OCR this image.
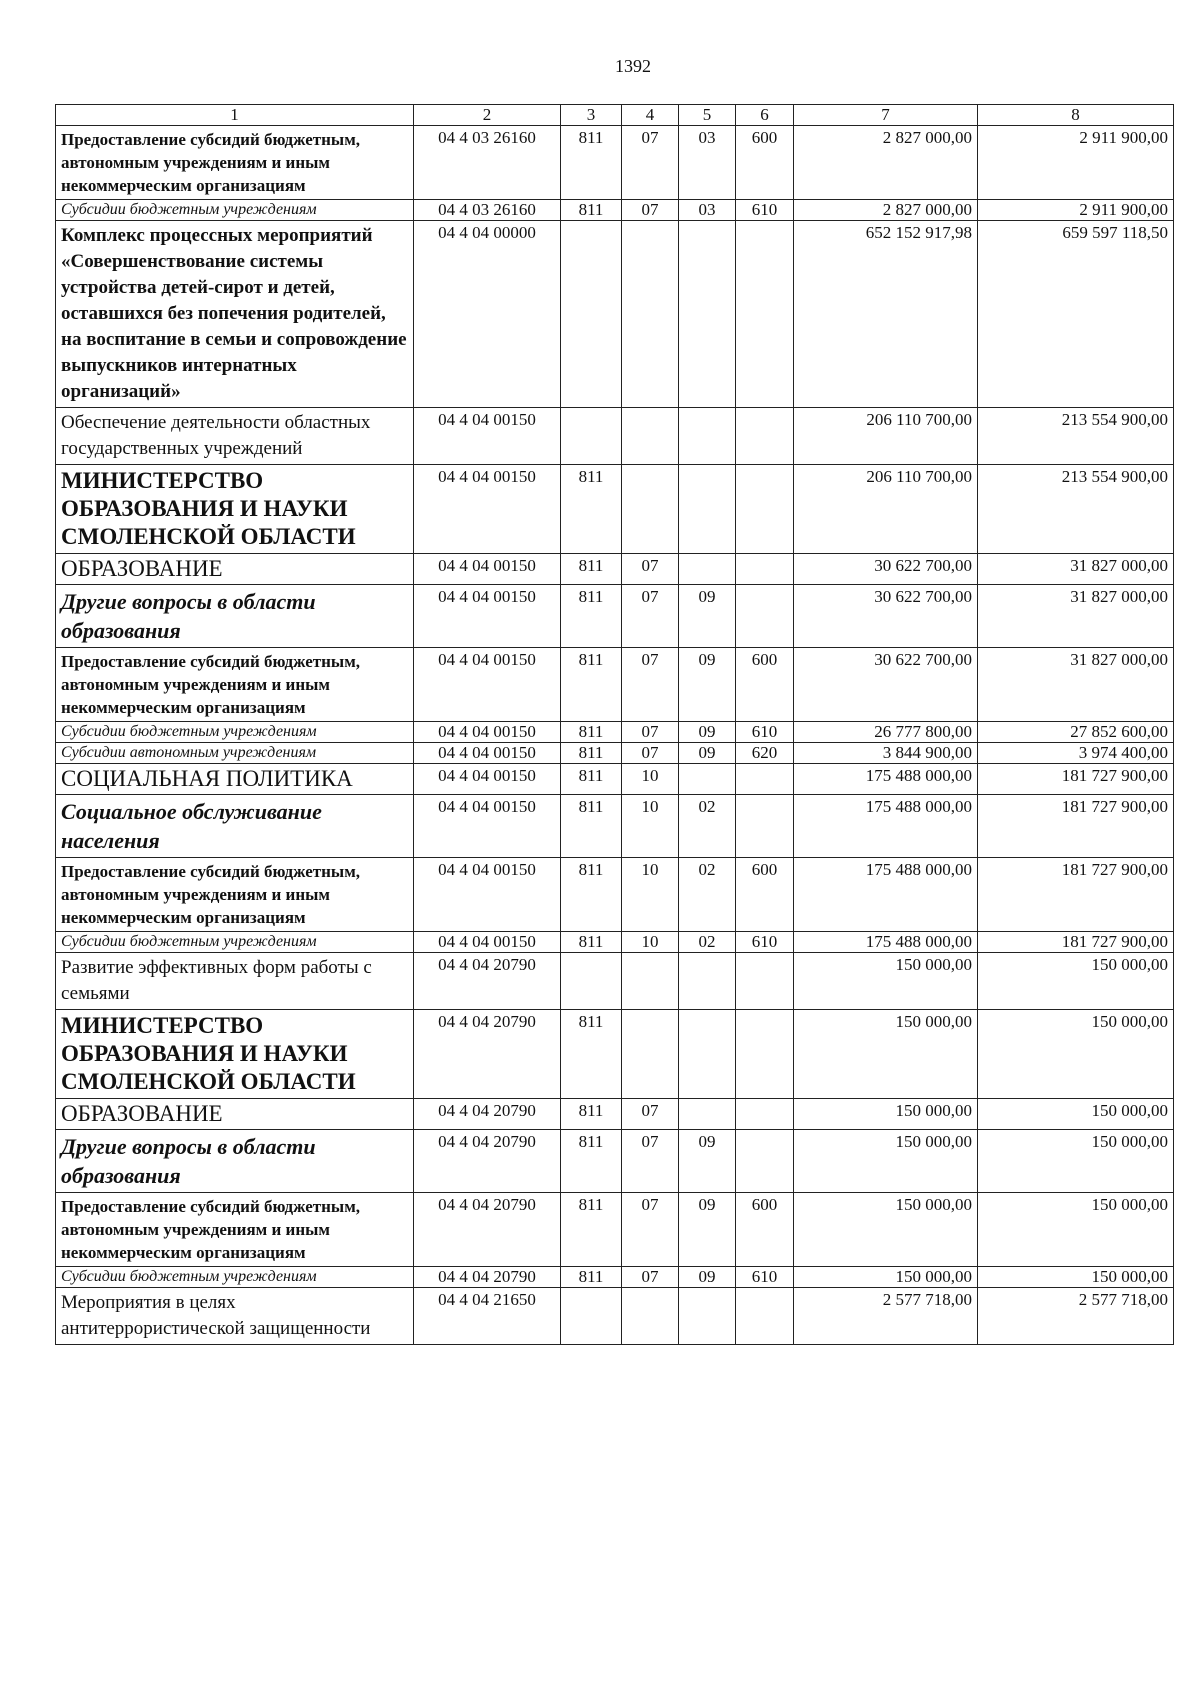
1392
1	2	3	4	5	6	7	8
Предоставление субсидий бюджетным, автономным учреждениям и иным некоммерческим организациям	04 4 03 26160	811	07	03	600	2 827 000,00	2 911 900,00
Субсидии бюджетным учреждениям	04 4 03 26160	811	07	03	610	2 827 000,00	2 911 900,00
Комплекс процессных мероприятий «Совершенствование системы устройства детей-сирот и детей, оставшихся без попечения родителей, на воспитание в семьи и сопровождение выпускников интернатных организаций»	04 4 04 00000					652 152 917,98	659 597 118,50
Обеспечение деятельности областных государственных учреждений	04 4 04 00150					206 110 700,00	213 554 900,00
МИНИСТЕРСТВО ОБРАЗОВАНИЯ И НАУКИ СМОЛЕНСКОЙ ОБЛАСТИ	04 4 04 00150	811				206 110 700,00	213 554 900,00
ОБРАЗОВАНИЕ	04 4 04 00150	811	07			30 622 700,00	31 827 000,00
Другие вопросы в области образования	04 4 04 00150	811	07	09		30 622 700,00	31 827 000,00
Предоставление субсидий бюджетным, автономным учреждениям и иным некоммерческим организациям	04 4 04 00150	811	07	09	600	30 622 700,00	31 827 000,00
Субсидии бюджетным учреждениям	04 4 04 00150	811	07	09	610	26 777 800,00	27 852 600,00
Субсидии автономным учреждениям	04 4 04 00150	811	07	09	620	3 844 900,00	3 974 400,00
СОЦИАЛЬНАЯ ПОЛИТИКА	04 4 04 00150	811	10			175 488 000,00	181 727 900,00
Социальное обслуживание населения	04 4 04 00150	811	10	02		175 488 000,00	181 727 900,00
Предоставление субсидий бюджетным, автономным учреждениям и иным некоммерческим организациям	04 4 04 00150	811	10	02	600	175 488 000,00	181 727 900,00
Субсидии бюджетным учреждениям	04 4 04 00150	811	10	02	610	175 488 000,00	181 727 900,00
Развитие эффективных форм работы с семьями	04 4 04 20790					150 000,00	150 000,00
МИНИСТЕРСТВО ОБРАЗОВАНИЯ И НАУКИ СМОЛЕНСКОЙ ОБЛАСТИ	04 4 04 20790	811				150 000,00	150 000,00
ОБРАЗОВАНИЕ	04 4 04 20790	811	07			150 000,00	150 000,00
Другие вопросы в области образования	04 4 04 20790	811	07	09		150 000,00	150 000,00
Предоставление субсидий бюджетным, автономным учреждениям и иным некоммерческим организациям	04 4 04 20790	811	07	09	600	150 000,00	150 000,00
Субсидии бюджетным учреждениям	04 4 04 20790	811	07	09	610	150 000,00	150 000,00
Мероприятия в целях антитеррористической защищенности	04 4 04 21650					2 577 718,00	2 577 718,00
